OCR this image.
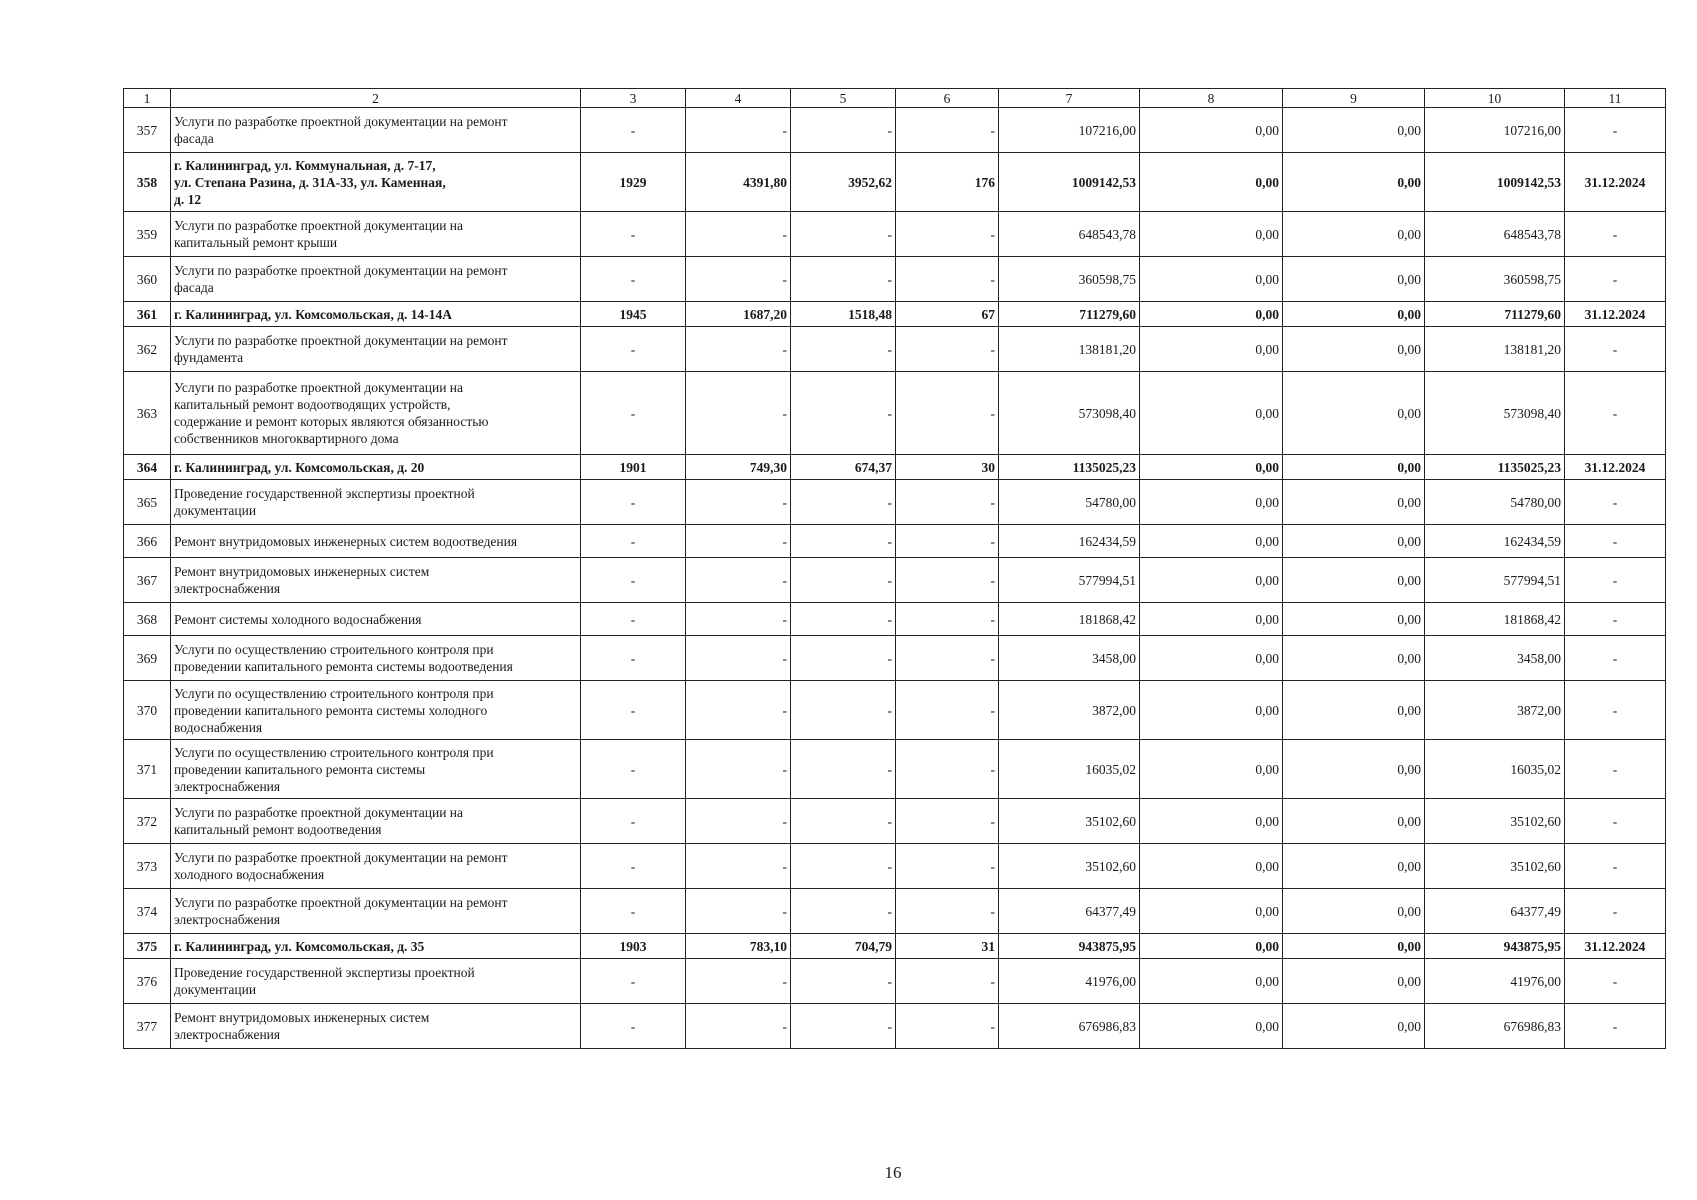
1	2	3	4	5	6	7	8	9	10	11
357	Услуги по разработке проектной документации на ремонт
фасада	-	-	-	-	107216,00	0,00	0,00	107216,00	-
358	г. Калининград, ул. Коммунальная, д. 7-17,
ул. Степана Разина, д. 31А-33, ул. Каменная,
д. 12	1929	4391,80	3952,62	176	1009142,53	0,00	0,00	1009142,53	31.12.2024
359	Услуги по разработке проектной документации на
капитальный ремонт крыши	-	-	-	-	648543,78	0,00	0,00	648543,78	-
360	Услуги по разработке проектной документации на ремонт
фасада	-	-	-	-	360598,75	0,00	0,00	360598,75	-
361	г. Калининград, ул. Комсомольская, д. 14-14А	1945	1687,20	1518,48	67	711279,60	0,00	0,00	711279,60	31.12.2024
362	Услуги по разработке проектной документации на ремонт
фундамента	-	-	-	-	138181,20	0,00	0,00	138181,20	-
363	Услуги по разработке проектной документации на
капитальный ремонт водоотводящих устройств,
содержание и ремонт которых являются обязанностью
собственников многоквартирного дома	-	-	-	-	573098,40	0,00	0,00	573098,40	-
364	г. Калининград, ул. Комсомольская, д. 20	1901	749,30	674,37	30	1135025,23	0,00	0,00	1135025,23	31.12.2024
365	Проведение государственной экспертизы проектной
документации	-	-	-	-	54780,00	0,00	0,00	54780,00	-
366	Ремонт внутридомовых инженерных систем водоотведения	-	-	-	-	162434,59	0,00	0,00	162434,59	-
367	Ремонт внутридомовых инженерных систем
электроснабжения	-	-	-	-	577994,51	0,00	0,00	577994,51	-
368	Ремонт системы холодного водоснабжения	-	-	-	-	181868,42	0,00	0,00	181868,42	-
369	Услуги по осуществлению строительного контроля при
проведении капитального ремонта системы водоотведения	-	-	-	-	3458,00	0,00	0,00	3458,00	-
370	Услуги по осуществлению строительного контроля при
проведении капитального ремонта системы холодного
водоснабжения	-	-	-	-	3872,00	0,00	0,00	3872,00	-
371	Услуги по осуществлению строительного контроля при
проведении капитального ремонта системы
электроснабжения	-	-	-	-	16035,02	0,00	0,00	16035,02	-
372	Услуги по разработке проектной документации на
капитальный ремонт водоотведения	-	-	-	-	35102,60	0,00	0,00	35102,60	-
373	Услуги по разработке проектной документации на ремонт
холодного водоснабжения	-	-	-	-	35102,60	0,00	0,00	35102,60	-
374	Услуги по разработке проектной документации на ремонт
электроснабжения	-	-	-	-	64377,49	0,00	0,00	64377,49	-
375	г. Калининград, ул. Комсомольская, д. 35	1903	783,10	704,79	31	943875,95	0,00	0,00	943875,95	31.12.2024
376	Проведение государственной экспертизы проектной
документации	-	-	-	-	41976,00	0,00	0,00	41976,00	-
377	Ремонт внутридомовых инженерных систем
электроснабжения	-	-	-	-	676986,83	0,00	0,00	676986,83	-
16
